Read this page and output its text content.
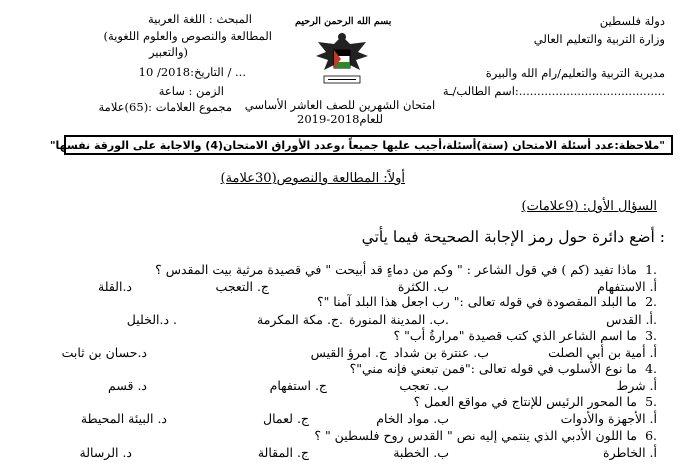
دولة فلسطين
وزارة التربية والتعليم العالي
مديرية التربية والتعليم/رام الله والبيرة
اسم الطالب/ـة:........................................
بسم الله الرحمن الرحيم
امتحان الشهرين للصف العاشر الأساسي
للعام2018-2019
المبحث : اللغة العربية
(المطالعة والنصوص والعلوم اللغوية
والتعبير)
التاريخ:2018/ 10 / ...
الزمن : ساعة
مجموع العلامات :(65)علامة
"ملاحظة:عدد أسئلة الامتحان (ستة)أسئلة،أجيب عليها جميعاً ،وعدد الأوراق الامتحان(4) والاجابة على الورقة نفسها"
أولاً: المطالعة والنصوص(30علامة)
السؤال الأول: (9علامات)
أضع دائرة حول رمز الإجابة الصحيحة فيما يأتي :
1.
ماذا تفيد (كم ) في قول الشاعر : " وكم من دماءٍ قد أبيحت " في قصيدة مرثية بيت المقدس ؟
أ. الاستفهام
ب. الكثرة
ج. التعجب
د.القلة
2.
ما البلد المقصودة في قوله تعالى :" رب اجعل هذا البلد آمنا "؟
أ. القدس.
ب. المدينة المنورة.
ج. مكة المكرمة.
د.الخليل .
3.
ما اسم الشاعر الذي كتب قصيدة "مرارةُ أب" ؟
أ. أمية بن أبي الصلت
ب. عنترة بن شداد
ج. امرؤ القيس
د.حسان بن ثابت
4.
ما نوع الأسلوب في قوله تعالى :"فمن تبعني فإنه مني"؟
أ. شرط
ب. تعجب
ج. استفهام
د. قسم
5.
ما المحور الرئيس للإنتاج في مواقع العمل ؟
أ. الأجهزة والأدوات
ب. مواد الخام
ج. لعمال
د. البيئة المحيطة
6.
ما اللون الأدبي الذي ينتمي إليه نص " القدس روح فلسطين " ؟
أ. الخاطرة
ب. الخطبة
ج. المقالة
د. الرسالة
